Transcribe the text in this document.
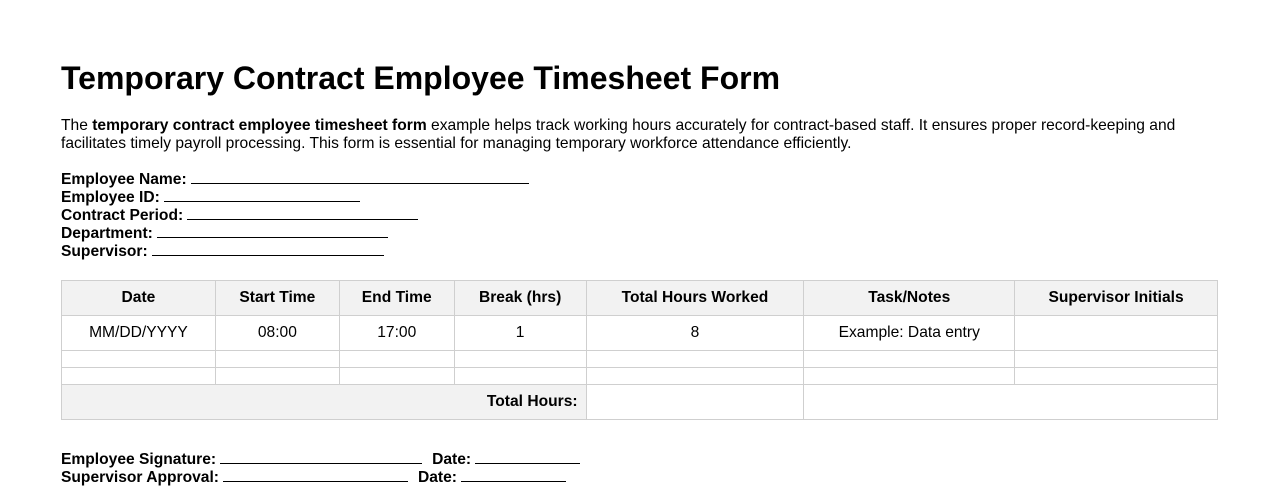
Temporary Contract Employee Timesheet Form

The temporary contract employee timesheet form example helps track working hours accurately for contract-based staff. It ensures proper record-keeping and facilitates timely payroll processing. This form is essential for managing temporary workforce attendance efficiently.

Employee Name:
Employee ID:
Contract Period:
Department:
Supervisor:
Date	Start Time	End Time	Break (hrs)	Total Hours Worked	Task/Notes	Supervisor Initials
MM/DD/YYYY	08:00	17:00	1	8	Example: Data entry	

Total Hours:						
Employee Signature:	Date:
Supervisor Approval:	Date:
